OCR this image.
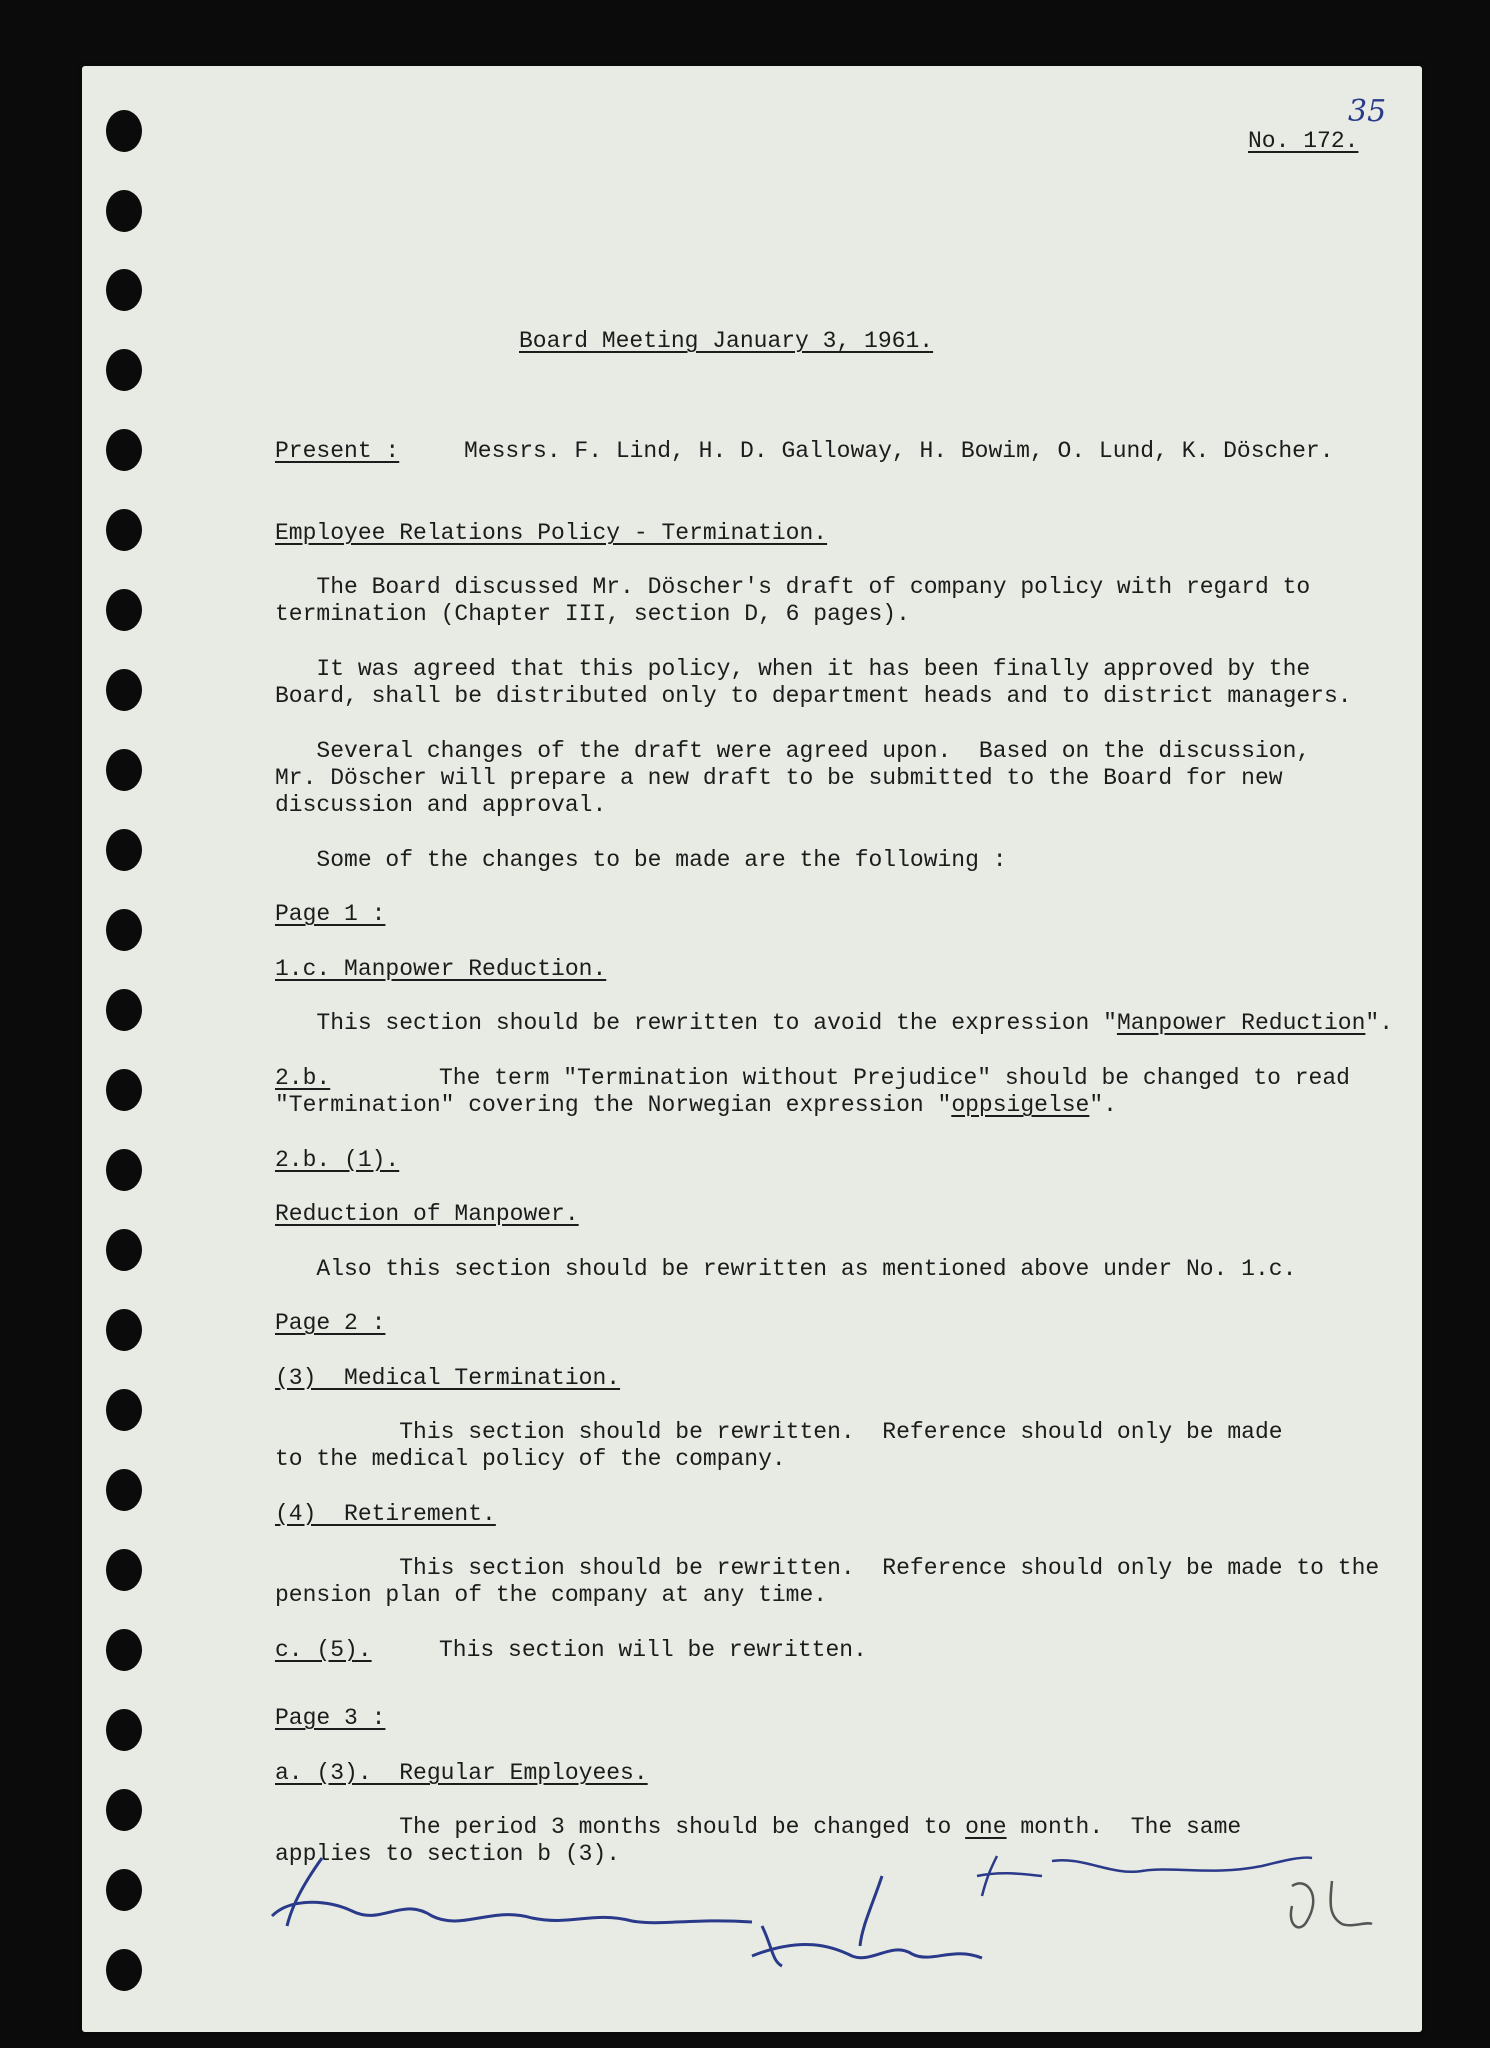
35

No. 172.

Board Meeting January 3, 1961.

Present :	Messrs. F. Lind, H. D. Galloway, H. Bowim, O. Lund, K. Döscher.

Employee Relations Policy - Termination.

The Board discussed Mr. Döscher's draft of company policy with regard to

termination (Chapter III, section D, 6 pages).

It was agreed that this policy, when it has been finally approved by the

Board, shall be distributed only to department heads and to district managers.

Several changes of the draft were agreed upon.  Based on the discussion,

Mr. Döscher will prepare a new draft to be submitted to the Board for new

discussion and approval.

Some of the changes to be made are the following :

Page 1 :

1.c. Manpower Reduction.

This section should be rewritten to avoid the expression "Manpower Reduction".

2.b.	The term "Termination without Prejudice" should be changed to read

"Termination" covering the Norwegian expression "oppsigelse".

2.b. (1).

Reduction of Manpower.

Also this section should be rewritten as mentioned above under No. 1.c.

Page 2 :

(3)  Medical Termination.

This section should be rewritten.  Reference should only be made

to the medical policy of the company.

(4)  Retirement.

This section should be rewritten.  Reference should only be made to the

pension plan of the company at any time.

c. (5).	This section will be rewritten.

Page 3 :

a. (3).  Regular Employees.

The period 3 months should be changed to one month.  The same

applies to section b (3).
